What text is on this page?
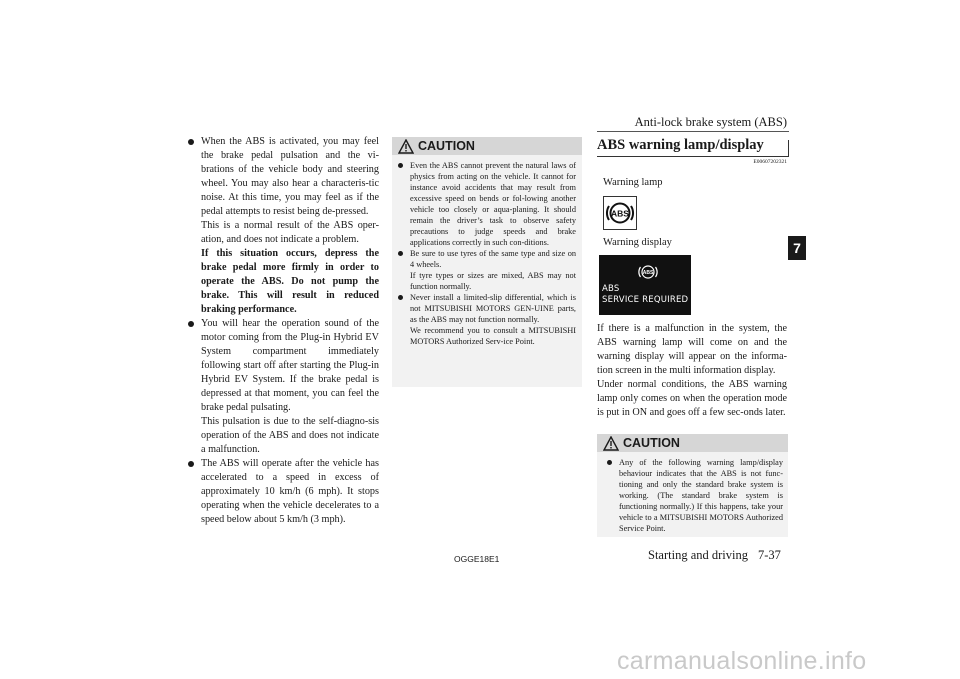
Anti-lock brake system (ABS)
7

When the ABS is activated, you may feel the brake pedal pulsation and the vi-brations of the vehicle body and steering wheel. You may also hear a characteris-tic noise. At this time, you may feel as if the pedal attempts to resist being de-pressed.

This is a normal result of the ABS oper-ation, and does not indicate a problem.

If this situation occurs, depress the brake pedal more firmly in order to operate the ABS. Do not pump the brake. This will result in reduced braking performance.

You will hear the operation sound of the motor coming from the Plug-in Hybrid EV System compartment immediately following start off after starting the Plug-in Hybrid EV System. If the brake pedal is depressed at that moment, you can feel the brake pedal pulsating.

This pulsation is due to the self-diagno-sis operation of the ABS and does not indicate a malfunction.

The ABS will operate after the vehicle has accelerated to a speed in excess of approximately 10 km/h (6 mph). It stops operating when the vehicle decelerates to a speed below about 5 km/h (3 mph).

CAUTION

Even the ABS cannot prevent the natural laws of physics from acting on the vehicle. It cannot for instance avoid accidents that may result from excessive speed on bends or fol-lowing another vehicle too closely or aqua-planing. It should remain the driver’s task to observe safety precautions to judge speeds and brake applications correctly in such con-ditions.

Be sure to use tyres of the same type and size on 4 wheels.

If tyre types or sizes are mixed, ABS may not function normally.

Never install a limited-slip differential, which is not MITSUBISHI MOTORS GEN-UINE parts, as the ABS may not function normally.

We recommend you to consult a MITSUBISHI MOTORS Authorized Serv-ice Point.

ABS warning lamp/display
E00607202321
Warning lamp
ABS
Warning display
ABS
ABS
SERVICE REQUIRED

If there is a malfunction in the system, the ABS warning lamp will come on and the warning display will appear on the informa-tion screen in the multi information display.

Under normal conditions, the ABS warning lamp only comes on when the operation mode is put in ON and goes off a few sec-onds later.

CAUTION

Any of the following warning lamp/display behaviour indicates that the ABS is not func-tioning and only the standard brake system is working. (The standard brake system is functioning normally.) If this happens, take your vehicle to a MITSUBISHI MOTORS Authorized Service Point.

OGGE18E1	Starting and driving 7-37
carmanualsonline.info
